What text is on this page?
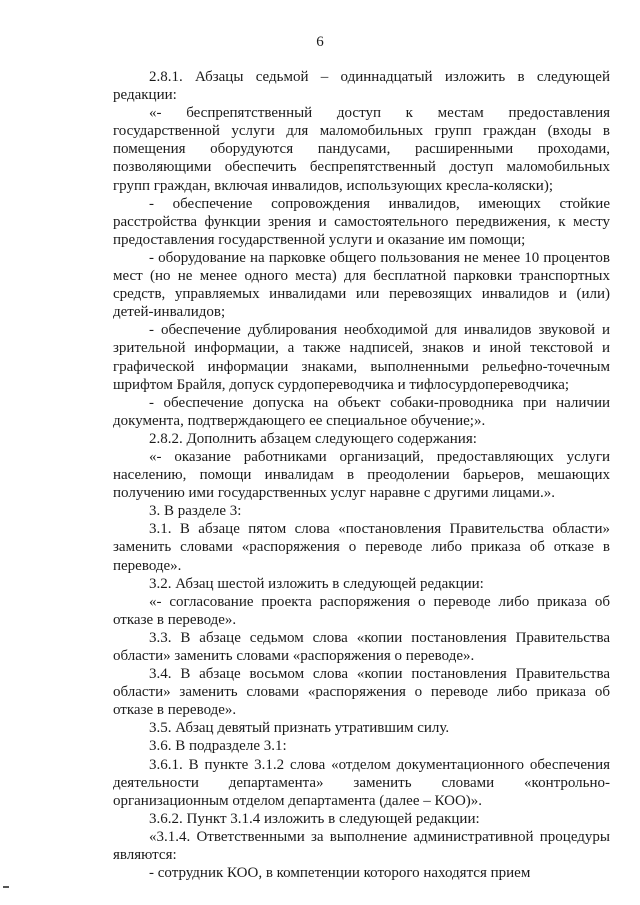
6

2.8.1. Абзацы седьмой – одиннадцатый изложить в следующей редакции:

«- беспрепятственный доступ к местам предоставления государственной услуги для маломобильных групп граждан (входы в помещения оборудуются пандусами, расширенными проходами, позволяющими обеспечить беспрепятственный доступ маломобильных групп граждан, включая инвалидов, использующих кресла-коляски);

- обеспечение сопровождения инвалидов, имеющих стойкие расстройства функции зрения и самостоятельного передвижения, к месту предоставления государственной услуги и оказание им помощи;

- оборудование на парковке общего пользования не менее 10 процентов мест (но не менее одного места) для бесплатной парковки транспортных средств, управляемых инвалидами или перевозящих инвалидов и (или) детей-инвалидов;

- обеспечение дублирования необходимой для инвалидов звуковой и зрительной информации, а также надписей, знаков и иной текстовой и графической информации знаками, выполненными рельефно-точечным шрифтом Брайля, допуск сурдопереводчика и тифлосурдопереводчика;

- обеспечение допуска на объект собаки-проводника при наличии документа, подтверждающего ее специальное обучение;».

2.8.2. Дополнить абзацем следующего содержания:

«- оказание работниками организаций, предоставляющих услуги населению, помощи инвалидам в преодолении барьеров, мешающих получению ими государственных услуг наравне с другими лицами.».

3. В разделе 3:

3.1. В абзаце пятом слова «постановления Правительства области» заменить словами «распоряжения о переводе либо приказа об отказе в переводе».

3.2. Абзац шестой изложить в следующей редакции:

«- согласование проекта распоряжения о переводе либо приказа об отказе в переводе».

3.3. В абзаце седьмом слова «копии постановления Правительства области» заменить словами «распоряжения о переводе».

3.4. В абзаце восьмом слова «копии постановления Правительства области» заменить словами «распоряжения о переводе либо приказа об отказе в переводе».

3.5. Абзац девятый признать утратившим силу.

3.6. В подразделе 3.1:

3.6.1. В пункте 3.1.2 слова «отделом документационного обеспечения деятельности департамента» заменить словами «контрольно-организационным отделом департамента (далее – КОО)».

3.6.2. Пункт 3.1.4 изложить в следующей редакции:

«3.1.4. Ответственными за выполнение административной процедуры являются:

- сотрудник КОО, в компетенции которого находятся прием
